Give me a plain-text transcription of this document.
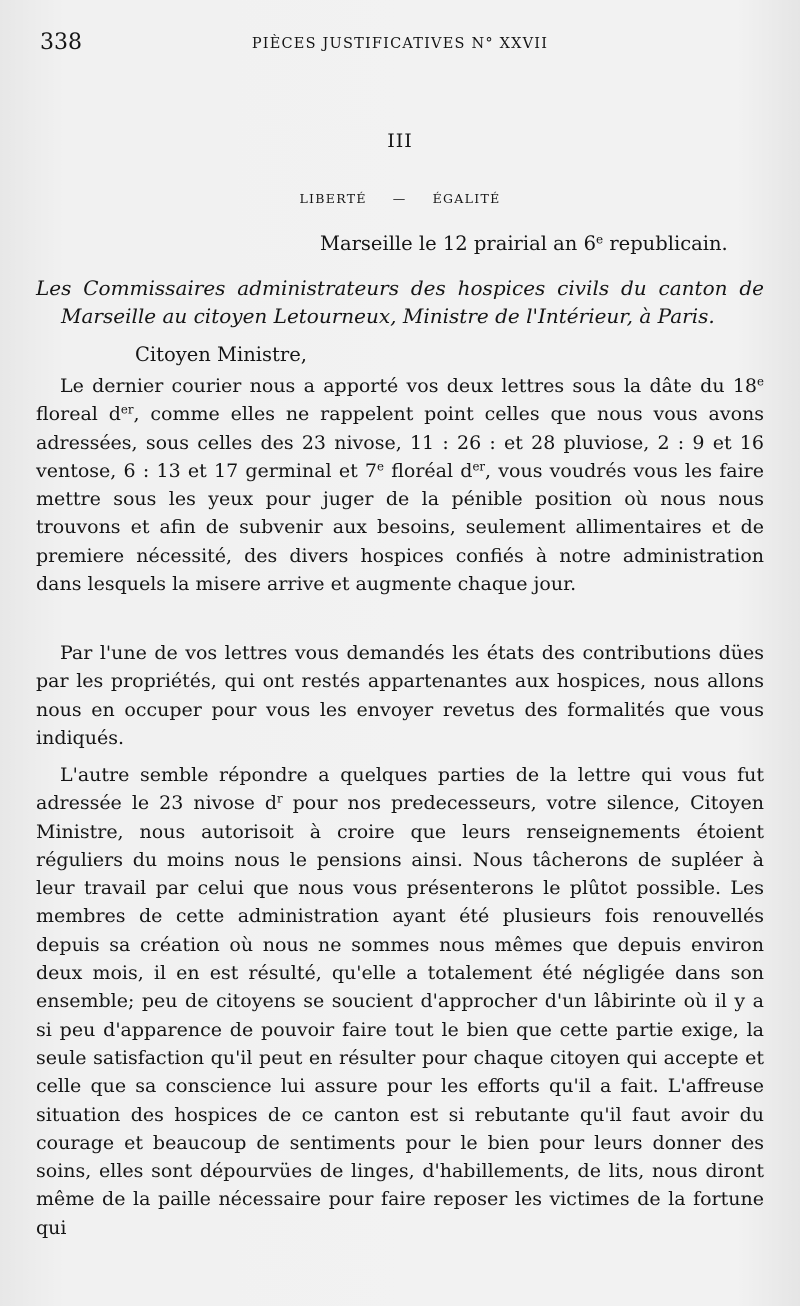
338	PIÈCES JUSTIFICATIVES N° XXVII
III
LIBERTÉ — ÉGALITÉ
Marseille le 12 prairial an 6e republicain.
Les Commissaires administrateurs des hospices civils du canton de
Marseille au citoyen Letourneux, Ministre de l'Intérieur, à Paris.
Citoyen Ministre,
Le dernier courier nous a apporté vos deux lettres sous la dâte du 18e floreal $d^{er}$, comme elles ne rappelent point celles que nous vous avons adressées, sous celles des 23 nivose, 11 : 26 : et 28 pluviose, 2 : 9 et 16 ventose, 6 : 13 et 17 germinal et 7e floréal $d^{er}$, vous voudrés vous les faire mettre sous les yeux pour juger de la pénible position où nous nous trouvons et afin de subvenir aux besoins, seulement allimentaires et de premiere nécessité, des divers hospices confiés à notre administration dans lesquels la misere arrive et augmente chaque jour.
Par l'une de vos lettres vous demandés les états des contributions dües par les propriétés, qui ont restés appartenantes aux hospices, nous allons nous en occuper pour vous les envoyer revetus des formalités que vous indiqués.
L'autre semble répondre a quelques parties de la lettre qui vous fut adressée le 23 nivose $d^r$ pour nos predecesseurs, votre silence, Citoyen Ministre, nous autorisoit à croire que leurs renseignements étoient réguliers du moins nous le pensions ainsi. Nous tâcherons de supléer à leur travail par celui que nous vous présenterons le plûtot possible. Les membres de cette administration ayant été plusieurs fois renouvellés depuis sa création où nous ne sommes nous mêmes que depuis environ deux mois, il en est résulté, qu'elle a totalement été négligée dans son ensemble; peu de citoyens se soucient d'approcher d'un lâbirinte où il y a si peu d'apparence de pouvoir faire tout le bien que cette partie exige, la seule satisfaction qu'il peut en résulter pour chaque citoyen qui accepte et celle que sa conscience lui assure pour les efforts qu'il a fait. L'affreuse situation des hospices de ce canton est si rebutante qu'il faut avoir du courage et beaucoup de sentiments pour le bien pour leurs donner des soins, elles sont dépourvües de linges, d'habillements, de lits, nous diront même de la paille nécessaire pour faire reposer les victimes de la fortune qui
